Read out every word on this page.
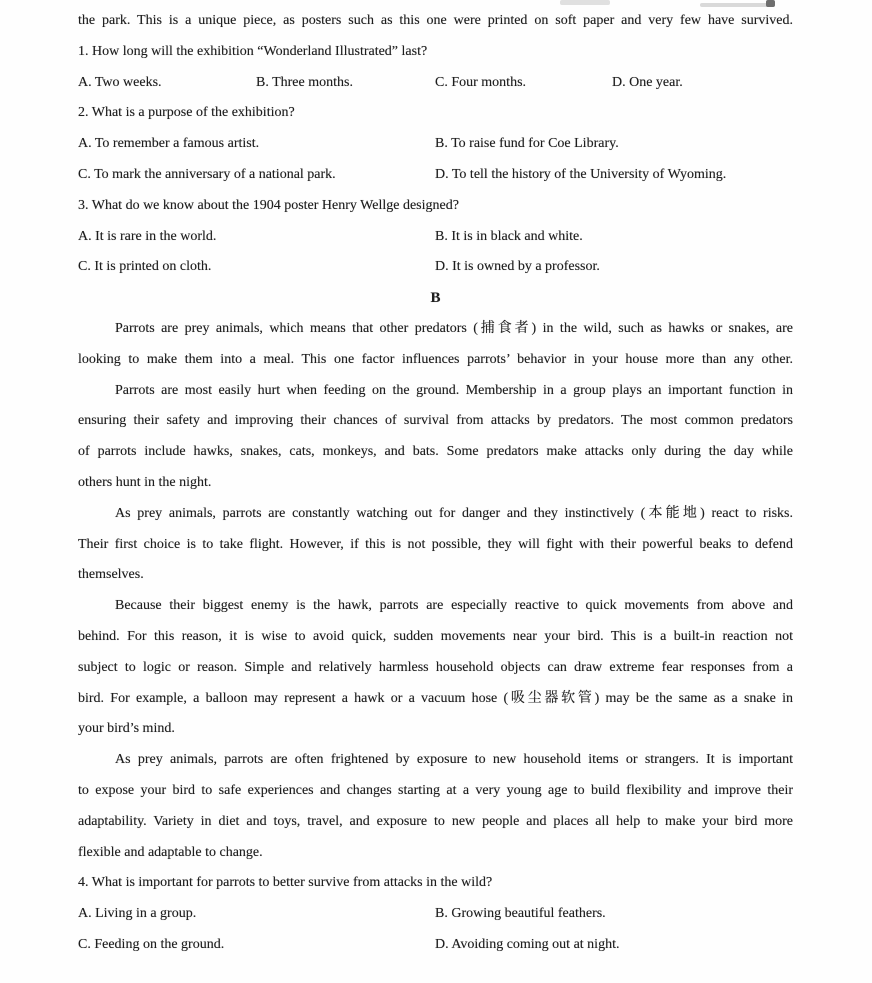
the park. This is a unique piece, as posters such as this one were printed on soft paper and very few have survived.
1. How long will the exhibition “Wonderland Illustrated” last?
A. Two weeks.	B. Three months.	C. Four months.	D. One year.
2. What is a purpose of the exhibition?
A. To remember a famous artist.	B. To raise fund for Coe Library.
C. To mark the anniversary of a national park.	D. To tell the history of the University of Wyoming.
3. What do we know about the 1904 poster Henry Wellge designed?
A. It is rare in the world.	B. It is in black and white.
C. It is printed on cloth.	D. It is owned by a professor.
B
Parrots are prey animals, which means that other predators (捕食者) in the wild, such as hawks or snakes, are
looking to make them into a meal. This one factor influences parrots’ behavior in your house more than any other.
Parrots are most easily hurt when feeding on the ground. Membership in a group plays an important function in
ensuring their safety and improving their chances of survival from attacks by predators. The most common predators
of parrots include hawks, snakes, cats, monkeys, and bats. Some predators make attacks only during the day while
others hunt in the night.
As prey animals, parrots are constantly watching out for danger and they instinctively (本能地) react to risks.
Their first choice is to take flight. However, if this is not possible, they will fight with their powerful beaks to defend
themselves.
Because their biggest enemy is the hawk, parrots are especially reactive to quick movements from above and
behind. For this reason, it is wise to avoid quick, sudden movements near your bird. This is a built-in reaction not
subject to logic or reason. Simple and relatively harmless household objects can draw extreme fear responses from a
bird. For example, a balloon may represent a hawk or a vacuum hose (吸尘器软管) may be the same as a snake in
your bird’s mind.
As prey animals, parrots are often frightened by exposure to new household items or strangers. It is important
to expose your bird to safe experiences and changes starting at a very young age to build flexibility and improve their
adaptability. Variety in diet and toys, travel, and exposure to new people and places all help to make your bird more
flexible and adaptable to change.
4. What is important for parrots to better survive from attacks in the wild?
A. Living in a group.	B. Growing beautiful feathers.
C. Feeding on the ground.	D. Avoiding coming out at night.
